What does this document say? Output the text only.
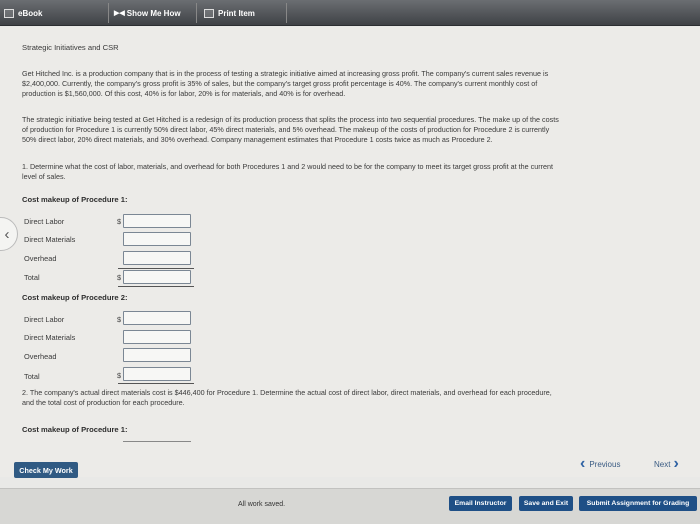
eBook	▶◀ Show Me How	Print Item
‹
Strategic Initiatives and CSR
Get Hitched Inc. is a production company that is in the process of testing a strategic initiative aimed at increasing gross profit. The company's current sales revenue is
$2,400,000. Currently, the company's gross profit is 35% of sales, but the company's target gross profit percentage is 40%. The company's current monthly cost of
production is $1,560,000. Of this cost, 40% is for labor, 20% is for materials, and 40% is for overhead.
The strategic initiative being tested at Get Hitched is a redesign of its production process that splits the process into two sequential procedures. The make up of the costs
of production for Procedure 1 is currently 50% direct labor, 45% direct materials, and 5% overhead. The makeup of the costs of production for Procedure 2 is currently
50% direct labor, 20% direct materials, and 30% overhead. Company management estimates that Procedure 1 costs twice as much as Procedure 2.
1. Determine what the cost of labor, materials, and overhead for both Procedures 1 and 2 would need to be for the company to meet its target gross profit at the current
level of sales.
Cost makeup of Procedure 1:
Direct Labor	$
Direct Materials
Overhead
Total	$
Cost makeup of Procedure 2:
Direct Labor	$
Direct Materials
Overhead
Total	$
2. The company's actual direct materials cost is $446,400 for Procedure 1. Determine the actual cost of direct labor, direct materials, and overhead for each procedure,
and the total cost of production for each procedure.
Cost makeup of Procedure 1:
Check My Work	‹ Previous	Next ›
All work saved.	Email Instructor	Save and Exit	Submit Assignment for Grading
